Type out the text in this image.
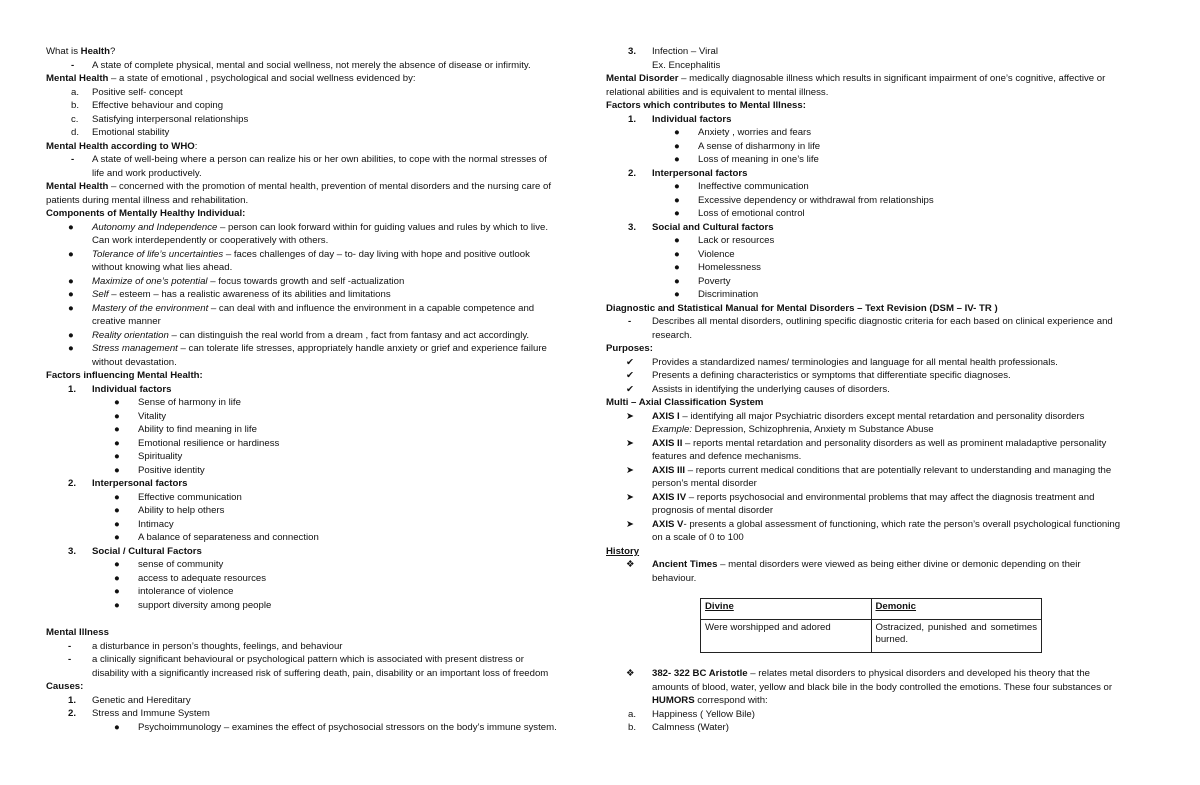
What is Health?
- A state of complete physical, mental and social wellness, not merely the absence of disease or infirmity.
Mental Health – a state of emotional , psychological and social wellness evidenced by:
a. Positive self- concept
b. Effective behaviour and coping
c. Satisfying interpersonal relationships
d. Emotional stability
Mental Health according to WHO:
- A state of well-being where a person can realize his or her own abilities, to cope with the normal stresses of
life and work productively.
Mental Health – concerned with the promotion of mental health, prevention of mental disorders and the nursing care of
patients during mental illness and rehabilitation.
Components of Mentally Healthy Individual:
● Autonomy and Independence – person can look forward within for guiding values and rules by which to live.
Can work interdependently or cooperatively with others.
● Tolerance of life’s uncertainties – faces challenges of day – to- day living with hope and positive outlook
without knowing what lies ahead.
● Maximize of one’s potential – focus towards growth and self -actualization
● Self – esteem – has a realistic awareness of its abilities and limitations
● Mastery of the environment – can deal with and influence the environment in a capable competence and
creative manner
● Reality orientation – can distinguish the real world from a dream , fact from fantasy and act accordingly.
● Stress management – can tolerate life stresses, appropriately handle anxiety or grief and experience failure
without devastation.
Factors influencing Mental Health:
1. Individual factors
● Sense of harmony in life
● Vitality
● Ability to find meaning in life
● Emotional resilience or hardiness
● Spirituality
● Positive identity
2. Interpersonal factors
● Effective communication
● Ability to help others
● Intimacy
● A balance of separateness and connection
3. Social / Cultural Factors
● sense of community
● access to adequate resources
● intolerance of violence
● support diversity among people
Mental Illness
- a disturbance in person’s thoughts, feelings, and behaviour
- a clinically significant behavioural or psychological pattern which is associated with present distress or
disability with a significantly increased risk of suffering death, pain, disability or an important loss of freedom
Causes:
1. Genetic and Hereditary
2. Stress and Immune System
● Psychoimmunology – examines the effect of psychosocial stressors on the body’s immune system.
3. Infection – Viral
Ex. Encephalitis
Mental Disorder – medically diagnosable illness which results in significant impairment of one’s cognitive, affective or
relational abilities and is equivalent to mental illness.
Factors which contributes to Mental Illness:
1. Individual factors
● Anxiety , worries and fears
● A sense of disharmony in life
● Loss of meaning in one’s life
2. Interpersonal factors
● Ineffective communication
● Excessive dependency or withdrawal from relationships
● Loss of emotional control
3. Social and Cultural factors
● Lack or resources
● Violence
● Homelessness
● Poverty
● Discrimination
Diagnostic and Statistical Manual for Mental Disorders – Text Revision (DSM – IV- TR )
- Describes all mental disorders, outlining specific diagnostic criteria for each based on clinical experience and
research.
Purposes:
✔ Provides a standardized names/ terminologies and language for all mental health professionals.
✔ Presents a defining characteristics or symptoms that differentiate specific diagnoses.
✔ Assists in identifying the underlying causes of disorders.
Multi – Axial Classification System
➤ AXIS I – identifying all major Psychiatric disorders except mental retardation and personality disorders
Example: Depression, Schizophrenia, Anxiety m Substance Abuse
➤ AXIS II – reports mental retardation and personality disorders as well as prominent maladaptive personality
features and defence mechanisms.
➤ AXIS III – reports current medical conditions that are potentially relevant to understanding and managing the
person’s mental disorder
➤ AXIS IV – reports psychosocial and environmental problems that may affect the diagnosis treatment and
prognosis of mental disorder
➤ AXIS V- presents a global assessment of functioning, which rate the person’s overall psychological functioning
on a scale of 0 to 100
History
❖ Ancient Times – mental disorders were viewed as being either divine or demonic depending on their
behaviour.
Divine	Demonic
Were worshipped and adored	Ostracized, punished and sometimes burned.
❖ 382- 322 BC Aristotle – relates metal disorders to physical disorders and developed his theory that the
amounts of blood, water, yellow and black bile in the body controlled the emotions. These four substances or
HUMORS correspond with:
a. Happiness ( Yellow Bile)
b. Calmness (Water)
